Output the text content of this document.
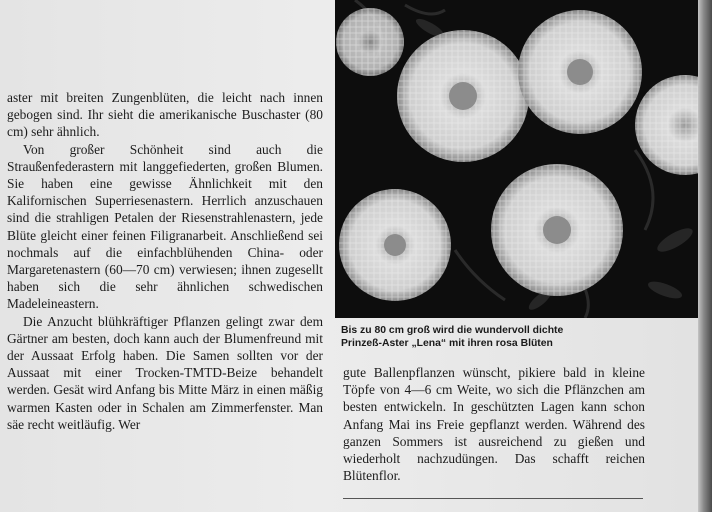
aster mit breiten Zungenblüten, die leicht nach innen gebogen sind. Ihr sieht die amerikanische Buschaster (80 cm) sehr ähnlich.

Von großer Schönheit sind auch die Straußenfederastern mit langgefiederten, großen Blumen. Sie haben eine gewisse Ähnlichkeit mit den Kalifornischen Superriesenastern. Herrlich anzuschauen sind die strahligen Petalen der Riesenstrahlenastern, jede Blüte gleicht einer feinen Filigranarbeit. Anschließend sei nochmals auf die einfachblühenden China- oder Margaretenastern (60—70 cm) verwiesen; ihnen zugesellt haben sich die sehr ähnlichen schwedischen Madeleineastern.

Die Anzucht blühkräftiger Pflanzen gelingt zwar dem Gärtner am besten, doch kann auch der Blumenfreund mit der Aussaat Erfolg haben. Die Samen sollten vor der Aussaat mit einer Trocken-TMTD-Beize behandelt werden. Gesät wird Anfang bis Mitte März in einen mäßig warmen Kasten oder in Schalen am Zimmerfenster. Man säe recht weitläufig. Wer

Bis zu 80 cm groß wird die wundervoll dichte
Prinzeß-Aster „Lena“ mit ihren rosa Blüten

gute Ballenpflanzen wünscht, pikiere bald in kleine Töpfe von 4—6 cm Weite, wo sich die Pflänzchen am besten entwickeln. In geschützten Lagen kann schon Anfang Mai ins Freie gepflanzt werden. Während des ganzen Sommers ist ausreichend zu gießen und wiederholt nachzudüngen. Das schafft reichen Blütenflor.
